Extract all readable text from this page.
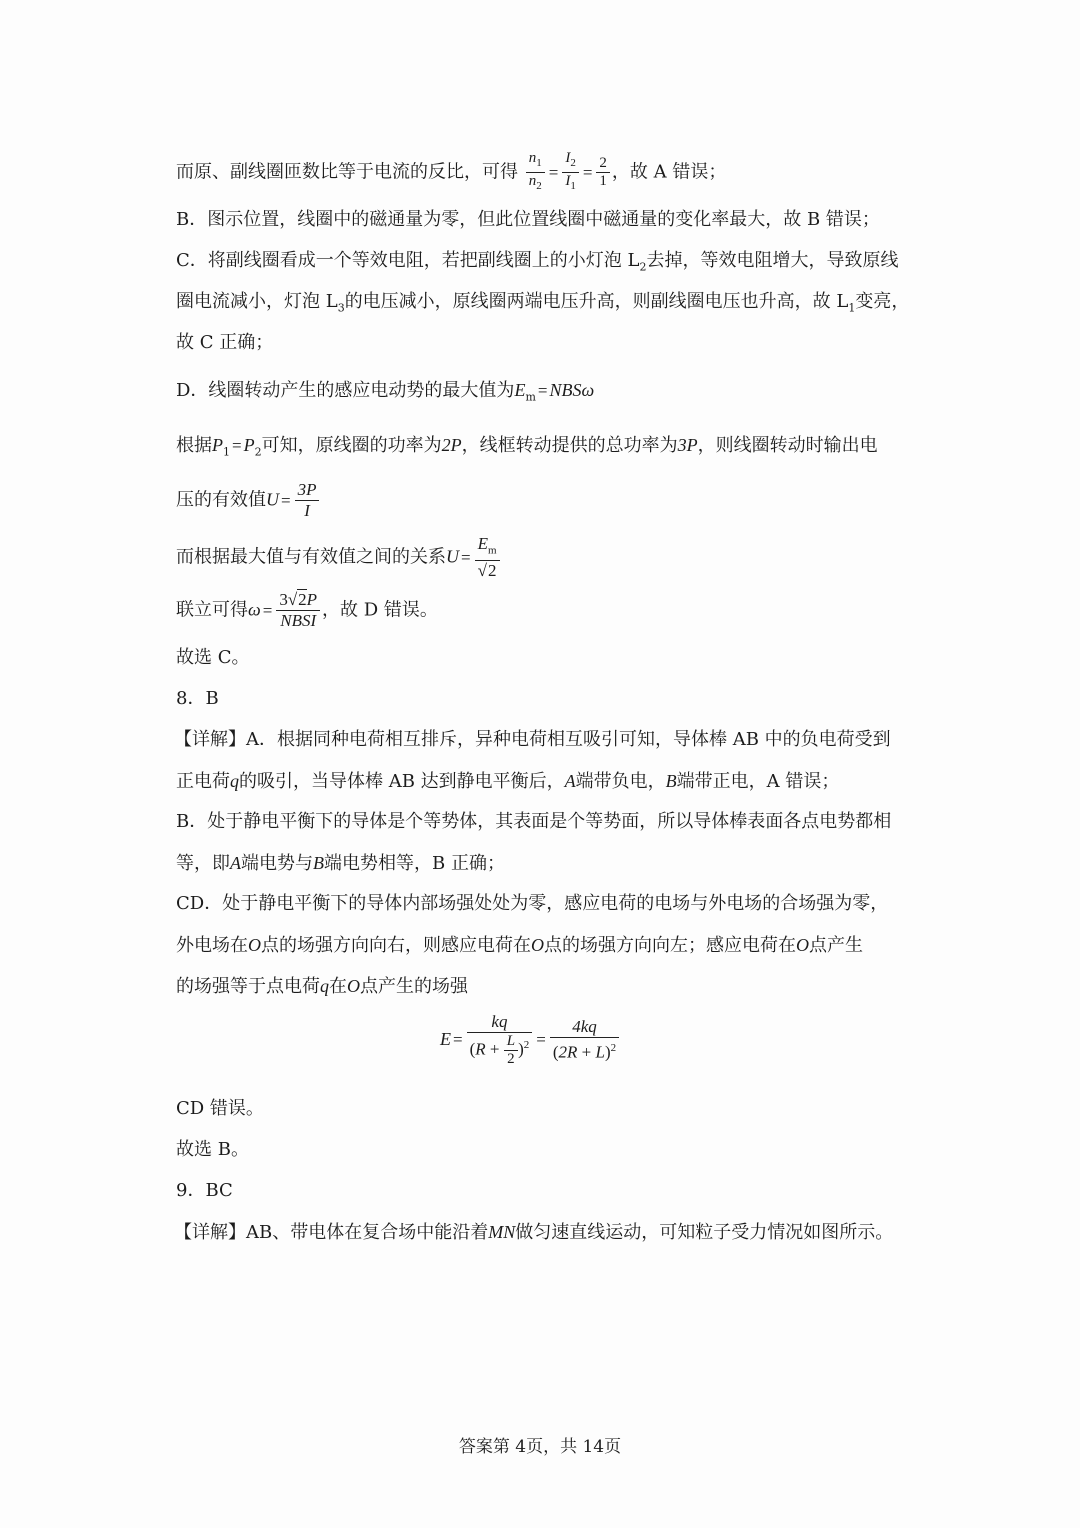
而原、副线圈匝数比等于电流的反比，可得 $\frac{n_1}{n_2} = \frac{I_2}{I_1} = \frac{2}{1}$ ，故 A 错误；
B．图示位置，线圈中的磁通量为零，但此位置线圈中磁通量的变化率最大，故 B 错误；
C．将副线圈看成一个等效电阻，若把副线圈上的小灯泡 $L_2$去掉，等效电阻增大，导致原线
圈电流减小，灯泡 $L_3$的电压减小，原线圈两端电压升高，则副线圈电压也升高，故 $L_1$变亮，
故 C 正确；
D．线圈转动产生的感应电动势的最大值为$E_m = NBS\omega$
根据$P_1 = P_2$可知，原线圈的功率为2P，线框转动提供的总功率为3P，则线圈转动时输出电
压的有效值$U = \frac{3P}{I}$
而根据最大值与有效值之间的关系$U = \frac{E_m}{√2}$
联立可得$\omega = \frac{3√2P}{\text{NBSI}}$ ，故 D 错误。
故选 C。
8．B
【详解】A．根据同种电荷相互排斥，异种电荷相互吸引可知，导体棒 AB 中的负电荷受到
正电荷q的吸引，当导体棒 AB 达到静电平衡后，A端带负电，B端带正电，A 错误；
B．处于静电平衡下的导体是个等势体，其表面是个等势面，所以导体棒表面各点电势都相
等，即A端电势与B端电势相等，B 正确；
CD．处于静电平衡下的导体内部场强处处为零，感应电荷的电场与外电场的合场强为零，
外电场在O点的场强方向向右，则感应电荷在O点的场强方向向左；感应电荷在O点产生
的场强等于点电荷q在O点产生的场强
$E = \frac{kq}{(R + \frac{L}{2} )^2} = \frac{4kq}{(2R + L)^2}$
CD 错误。
故选 B。
9．BC
【详解】AB、带电体在复合场中能沿着MN做匀速直线运动，可知粒子受力情况如图所示。
答案第 4页，共 14页
